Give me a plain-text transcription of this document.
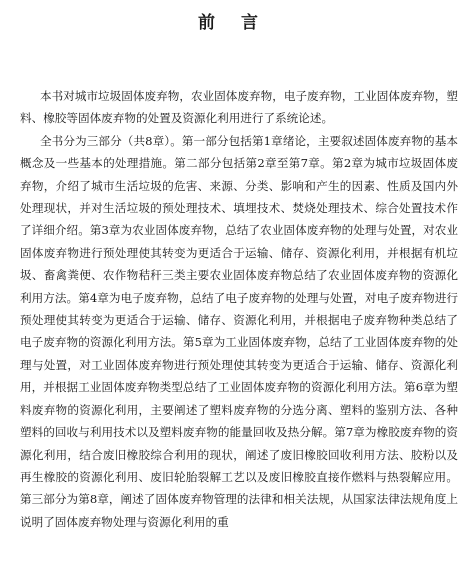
前 言

本书对城市垃圾固体废弃物，农业固体废弃物，电子废弃物，工业固体废弃物，塑料、橡胶等固体废弃物的处置及资源化利用进行了系统论述。

全书分为三部分（共8章）。第一部分包括第1章绪论，主要叙述固体废弃物的基本概念及一些基本的处理措施。第二部分包括第2章至第7章。第2章为城市垃圾固体废弃物，介绍了城市生活垃圾的危害、来源、分类、影响和产生的因素、性质及国内外处理现状，并对生活垃圾的预处理技术、填埋技术、焚烧处理技术、综合处置技术作了详细介绍。第3章为农业固体废弃物，总结了农业固体废弃物的处理与处置，对农业固体废弃物进行预处理使其转变为更适合于运输、储存、资源化利用，并根据有机垃圾、畜禽粪便、农作物秸秆三类主要农业固体废弃物总结了农业固体废弃物的资源化利用方法。第4章为电子废弃物，总结了电子废弃物的处理与处置，对电子废弃物进行预处理使其转变为更适合于运输、储存、资源化利用，并根据电子废弃物种类总结了电子废弃物的资源化利用方法。第5章为工业固体废弃物，总结了工业固体废弃物的处理与处置，对工业固体废弃物进行预处理使其转变为更适合于运输、储存、资源化利用，并根据工业固体废弃物类型总结了工业固体废弃物的资源化利用方法。第6章为塑料废弃物的资源化利用，主要阐述了塑料废弃物的分选分离、塑料的鉴别方法、各种塑料的回收与利用技术以及塑料废弃物的能量回收及热分解。第7章为橡胶废弃物的资源化利用，结合废旧橡胶综合利用的现状，阐述了废旧橡胶回收利用方法、胶粉以及再生橡胶的资源化利用、废旧轮胎裂解工艺以及废旧橡胶直接作燃料与热裂解应用。第三部分为第8章，阐述了固体废弃物管理的法律和相关法规，从国家法律法规角度上说明了固体废弃物处理与资源化利用的重
